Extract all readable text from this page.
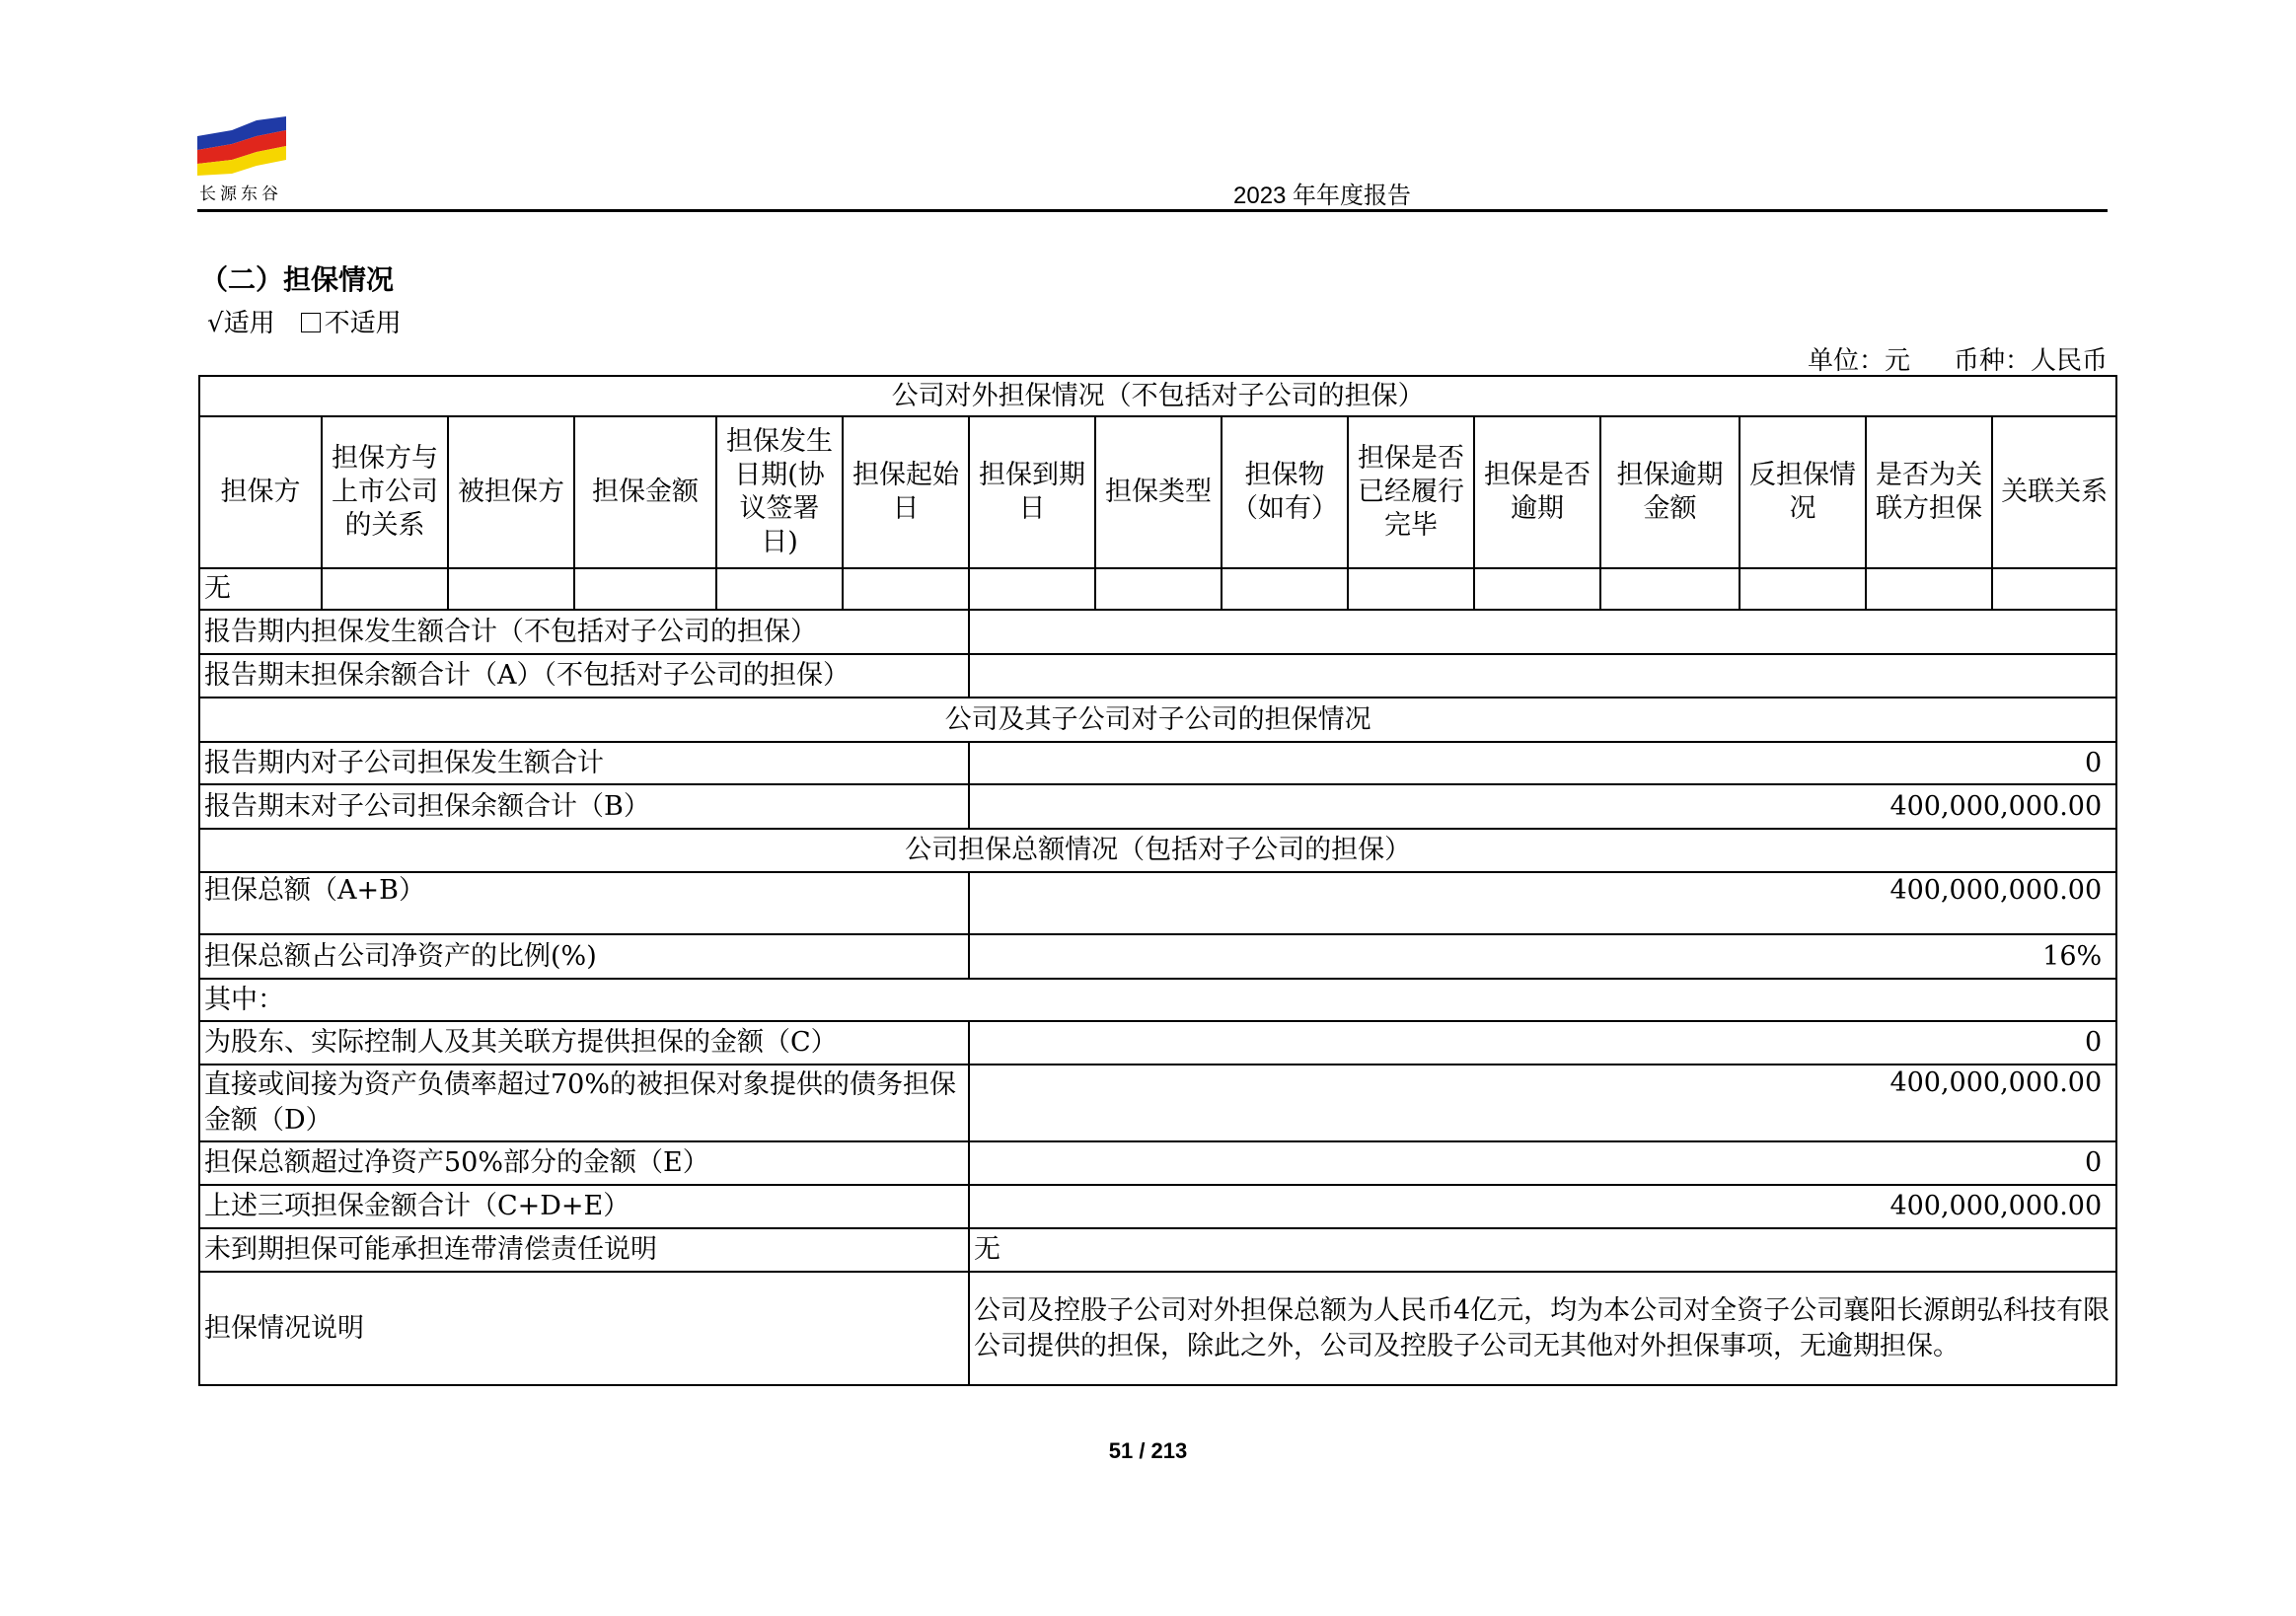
长源东谷	2023 年年度报告
（二）担保情况
√适用 不适用
单位：元 币种：人民币
公司对外担保情况（不包括对子公司的担保）														
担保方	担保方与上市公司的关系	被担保方	担保金额	担保发生日期(协议签署日)	担保起始日	担保到期日	担保类型	担保物（如有）	担保是否已经履行完毕	担保是否逾期	担保逾期金额	反担保情况	是否为关联方担保	关联关系
无														
报告期内担保发生额合计（不包括对子公司的担保）														
报告期末担保余额合计（A）（不包括对子公司的担保）														
公司及其子公司对子公司的担保情况														
报告期内对子公司担保发生额合计						0								
报告期末对子公司担保余额合计（B）						400,000,000.00								
公司担保总额情况（包括对子公司的担保）														
担保总额（A+B）						400,000,000.00								
担保总额占公司净资产的比例(%)						16%								
其中：														
为股东、实际控制人及其关联方提供担保的金额（C）						0								
直接或间接为资产负债率超过70%的被担保对象提供的债务担保金额（D）						400,000,000.00								
担保总额超过净资产50%部分的金额（E）						0								
上述三项担保金额合计（C+D+E）						400,000,000.00								
未到期担保可能承担连带清偿责任说明						无								
担保情况说明						公司及控股子公司对外担保总额为人民币4亿元，均为本公司对全资子公司襄阳长源朗弘科技有限公司提供的担保，除此之外，公司及控股子公司无其他对外担保事项，无逾期担保。								
51 / 213
